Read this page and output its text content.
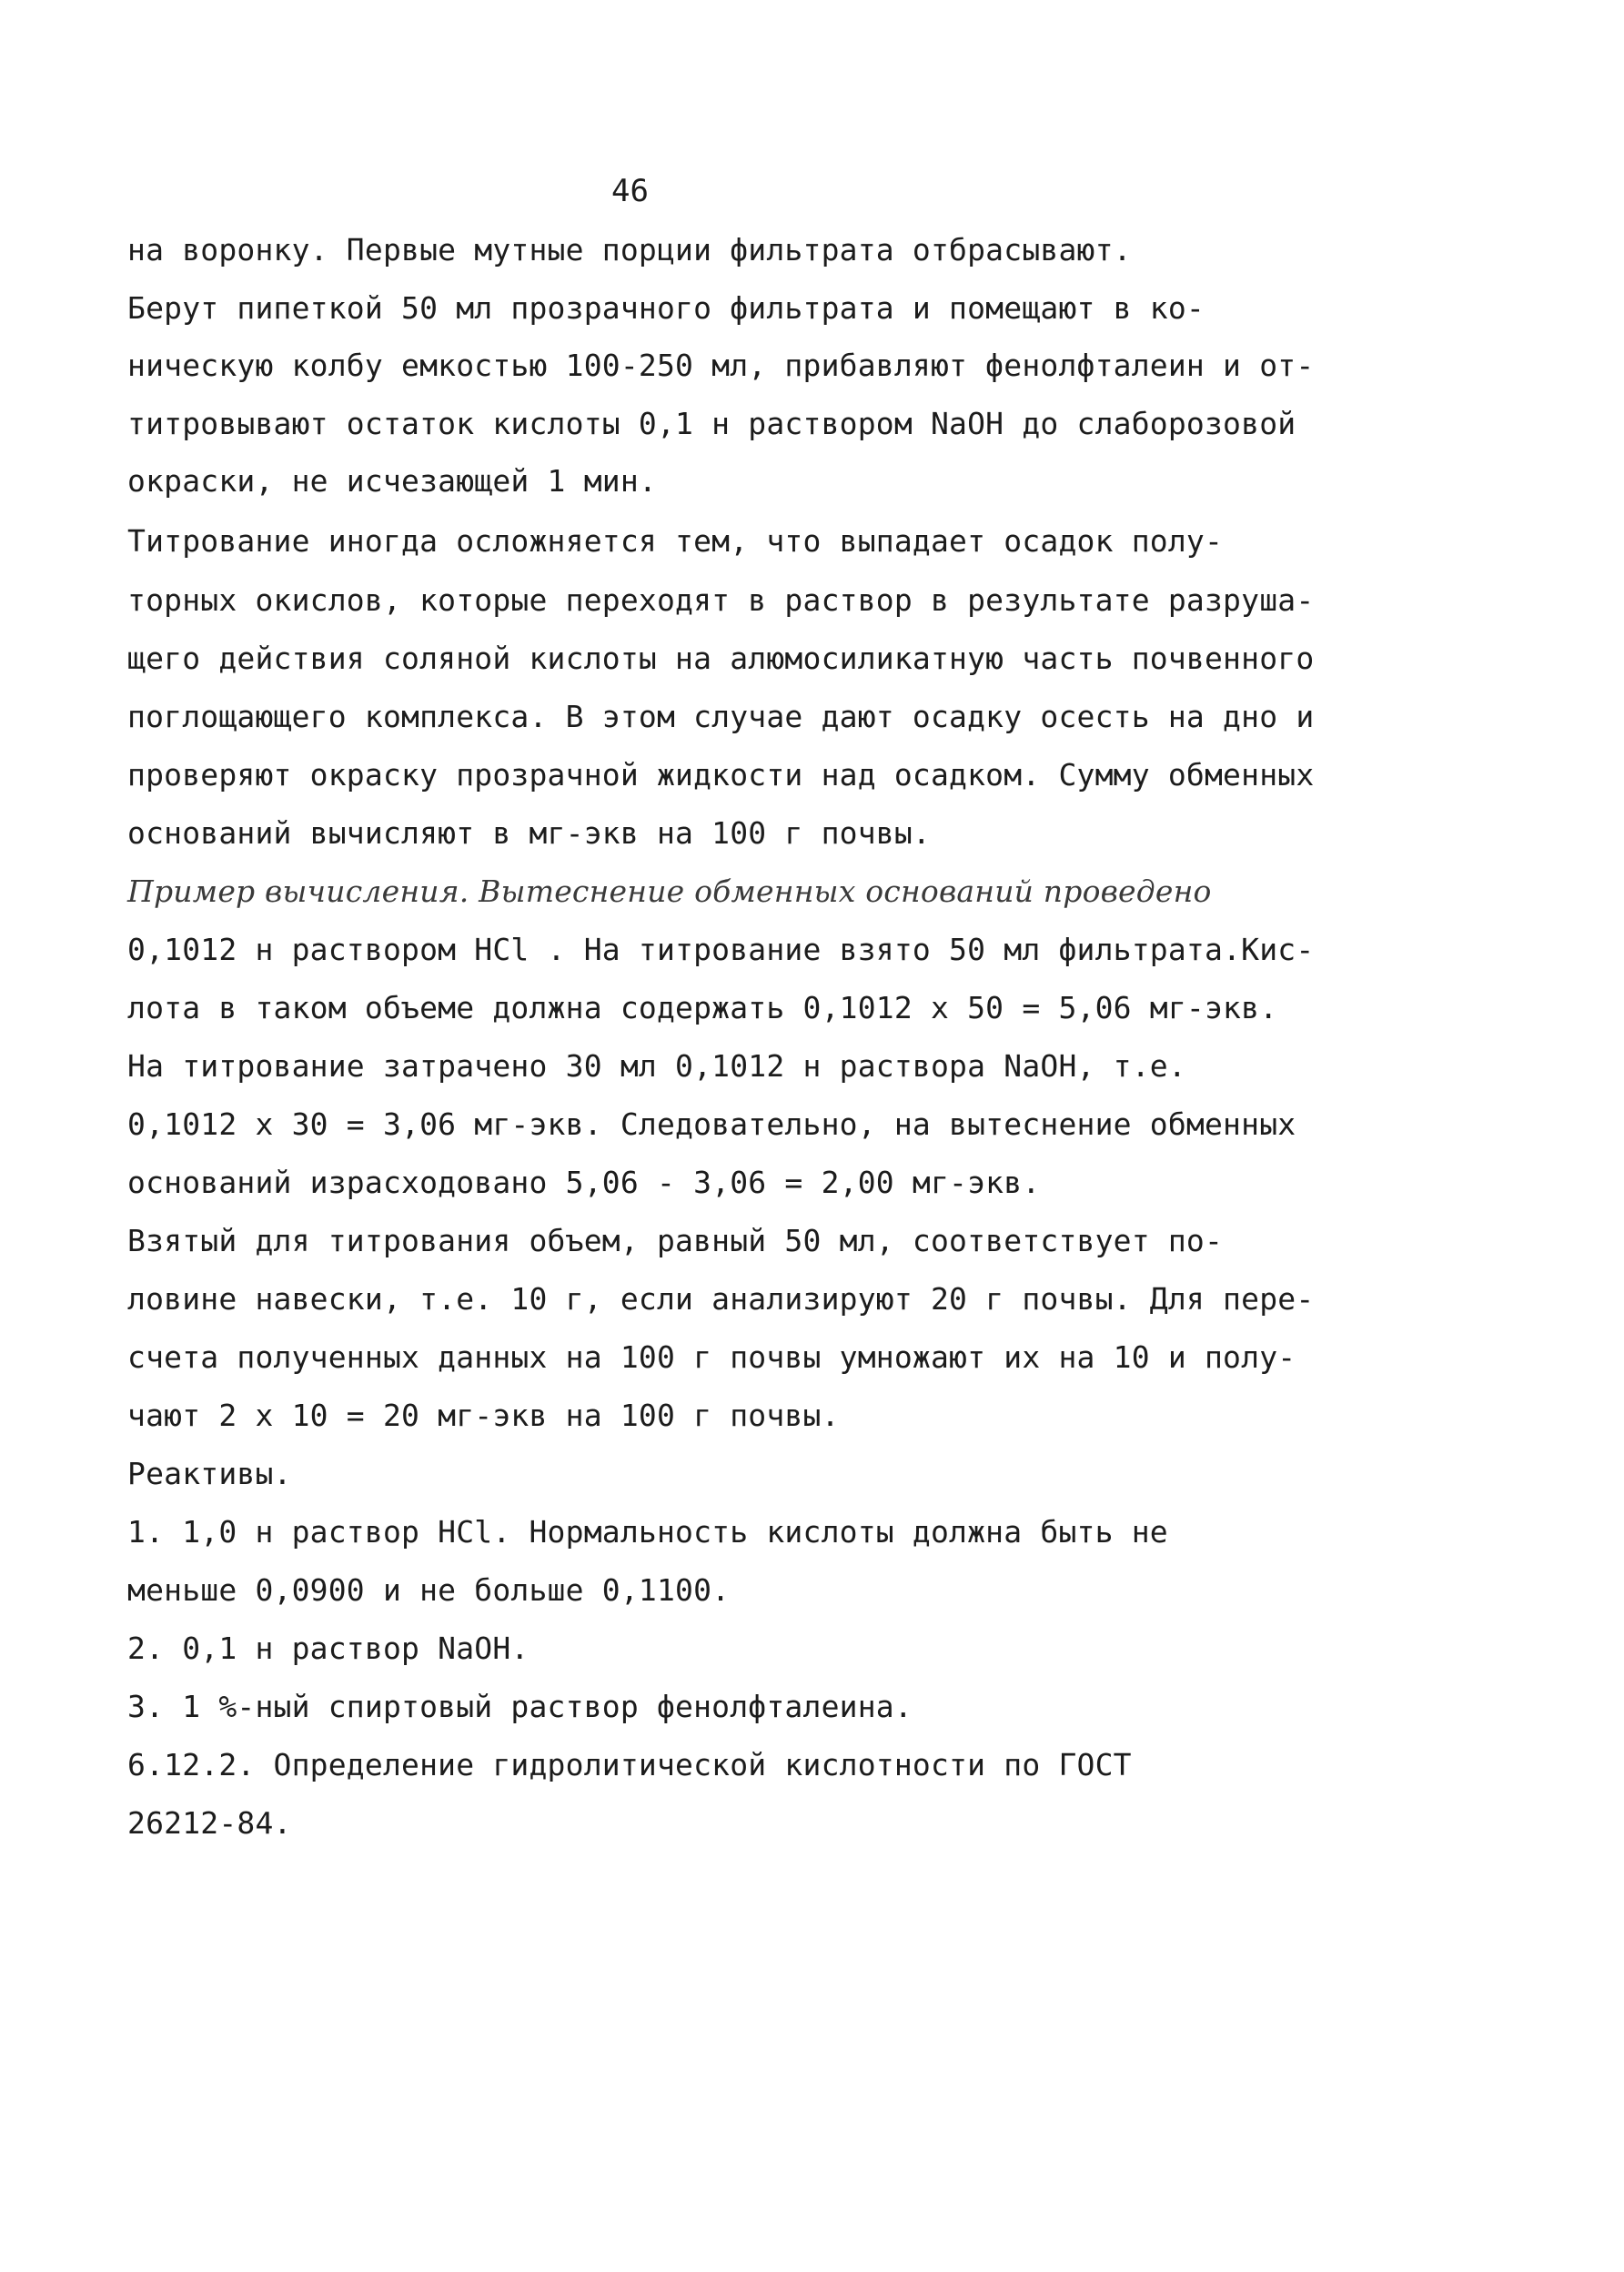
46
на воронку. Первые мутные порции фильтрата отбрасывают.
Берут пипеткой 50 мл прозрачного фильтрата и помещают в ко-
ническую колбу емкостью 100-250 мл, прибавляют фенолфталеин и от-
титровывают остаток кислоты 0,1 н раствором NaOH до слаборозовой
окраски, не исчезающей 1 мин.
Титрование иногда осложняется тем, что выпадает осадок полу-
торных окислов, которые переходят в раствор в результате разруша-
щего действия соляной кислоты на алюмосиликатную часть почвенного
поглощающего комплекса. В этом случае дают осадку осесть на дно и
проверяют окраску прозрачной жидкости над осадком. Сумму обменных
оснований вычисляют в мг-экв на 100 г почвы.
Пример вычисления. Вытеснение обменных оснований проведено
0,1012 н раствором HCl . На титрование взято 50 мл фильтрата.Кис-
лота в таком объеме должна содержать 0,1012 х 50 = 5,06 мг-экв.
На титрование затрачено 30 мл 0,1012 н раствора NaOH, т.е.
0,1012 х 30 = 3,06 мг-экв. Следовательно, на вытеснение обменных
оснований израсходовано 5,06 - 3,06 = 2,00 мг-экв.
Взятый для титрования объем, равный 50 мл, соответствует по-
ловине навески, т.е. 10 г, если анализируют 20 г почвы. Для пере-
счета полученных данных на 100 г почвы умножают их на 10 и полу-
чают 2 х 10 = 20 мг-экв на 100 г почвы.
Реактивы.
1. 1,0 н раствор HCl. Нормальность кислоты должна быть не
меньше 0,0900 и не больше 0,1100.
2. 0,1 н раствор NaOH.
3. 1 %-ный спиртовый раствор фенолфталеина.
6.12.2. Определение гидролитической кислотности по ГОСТ
26212-84.
